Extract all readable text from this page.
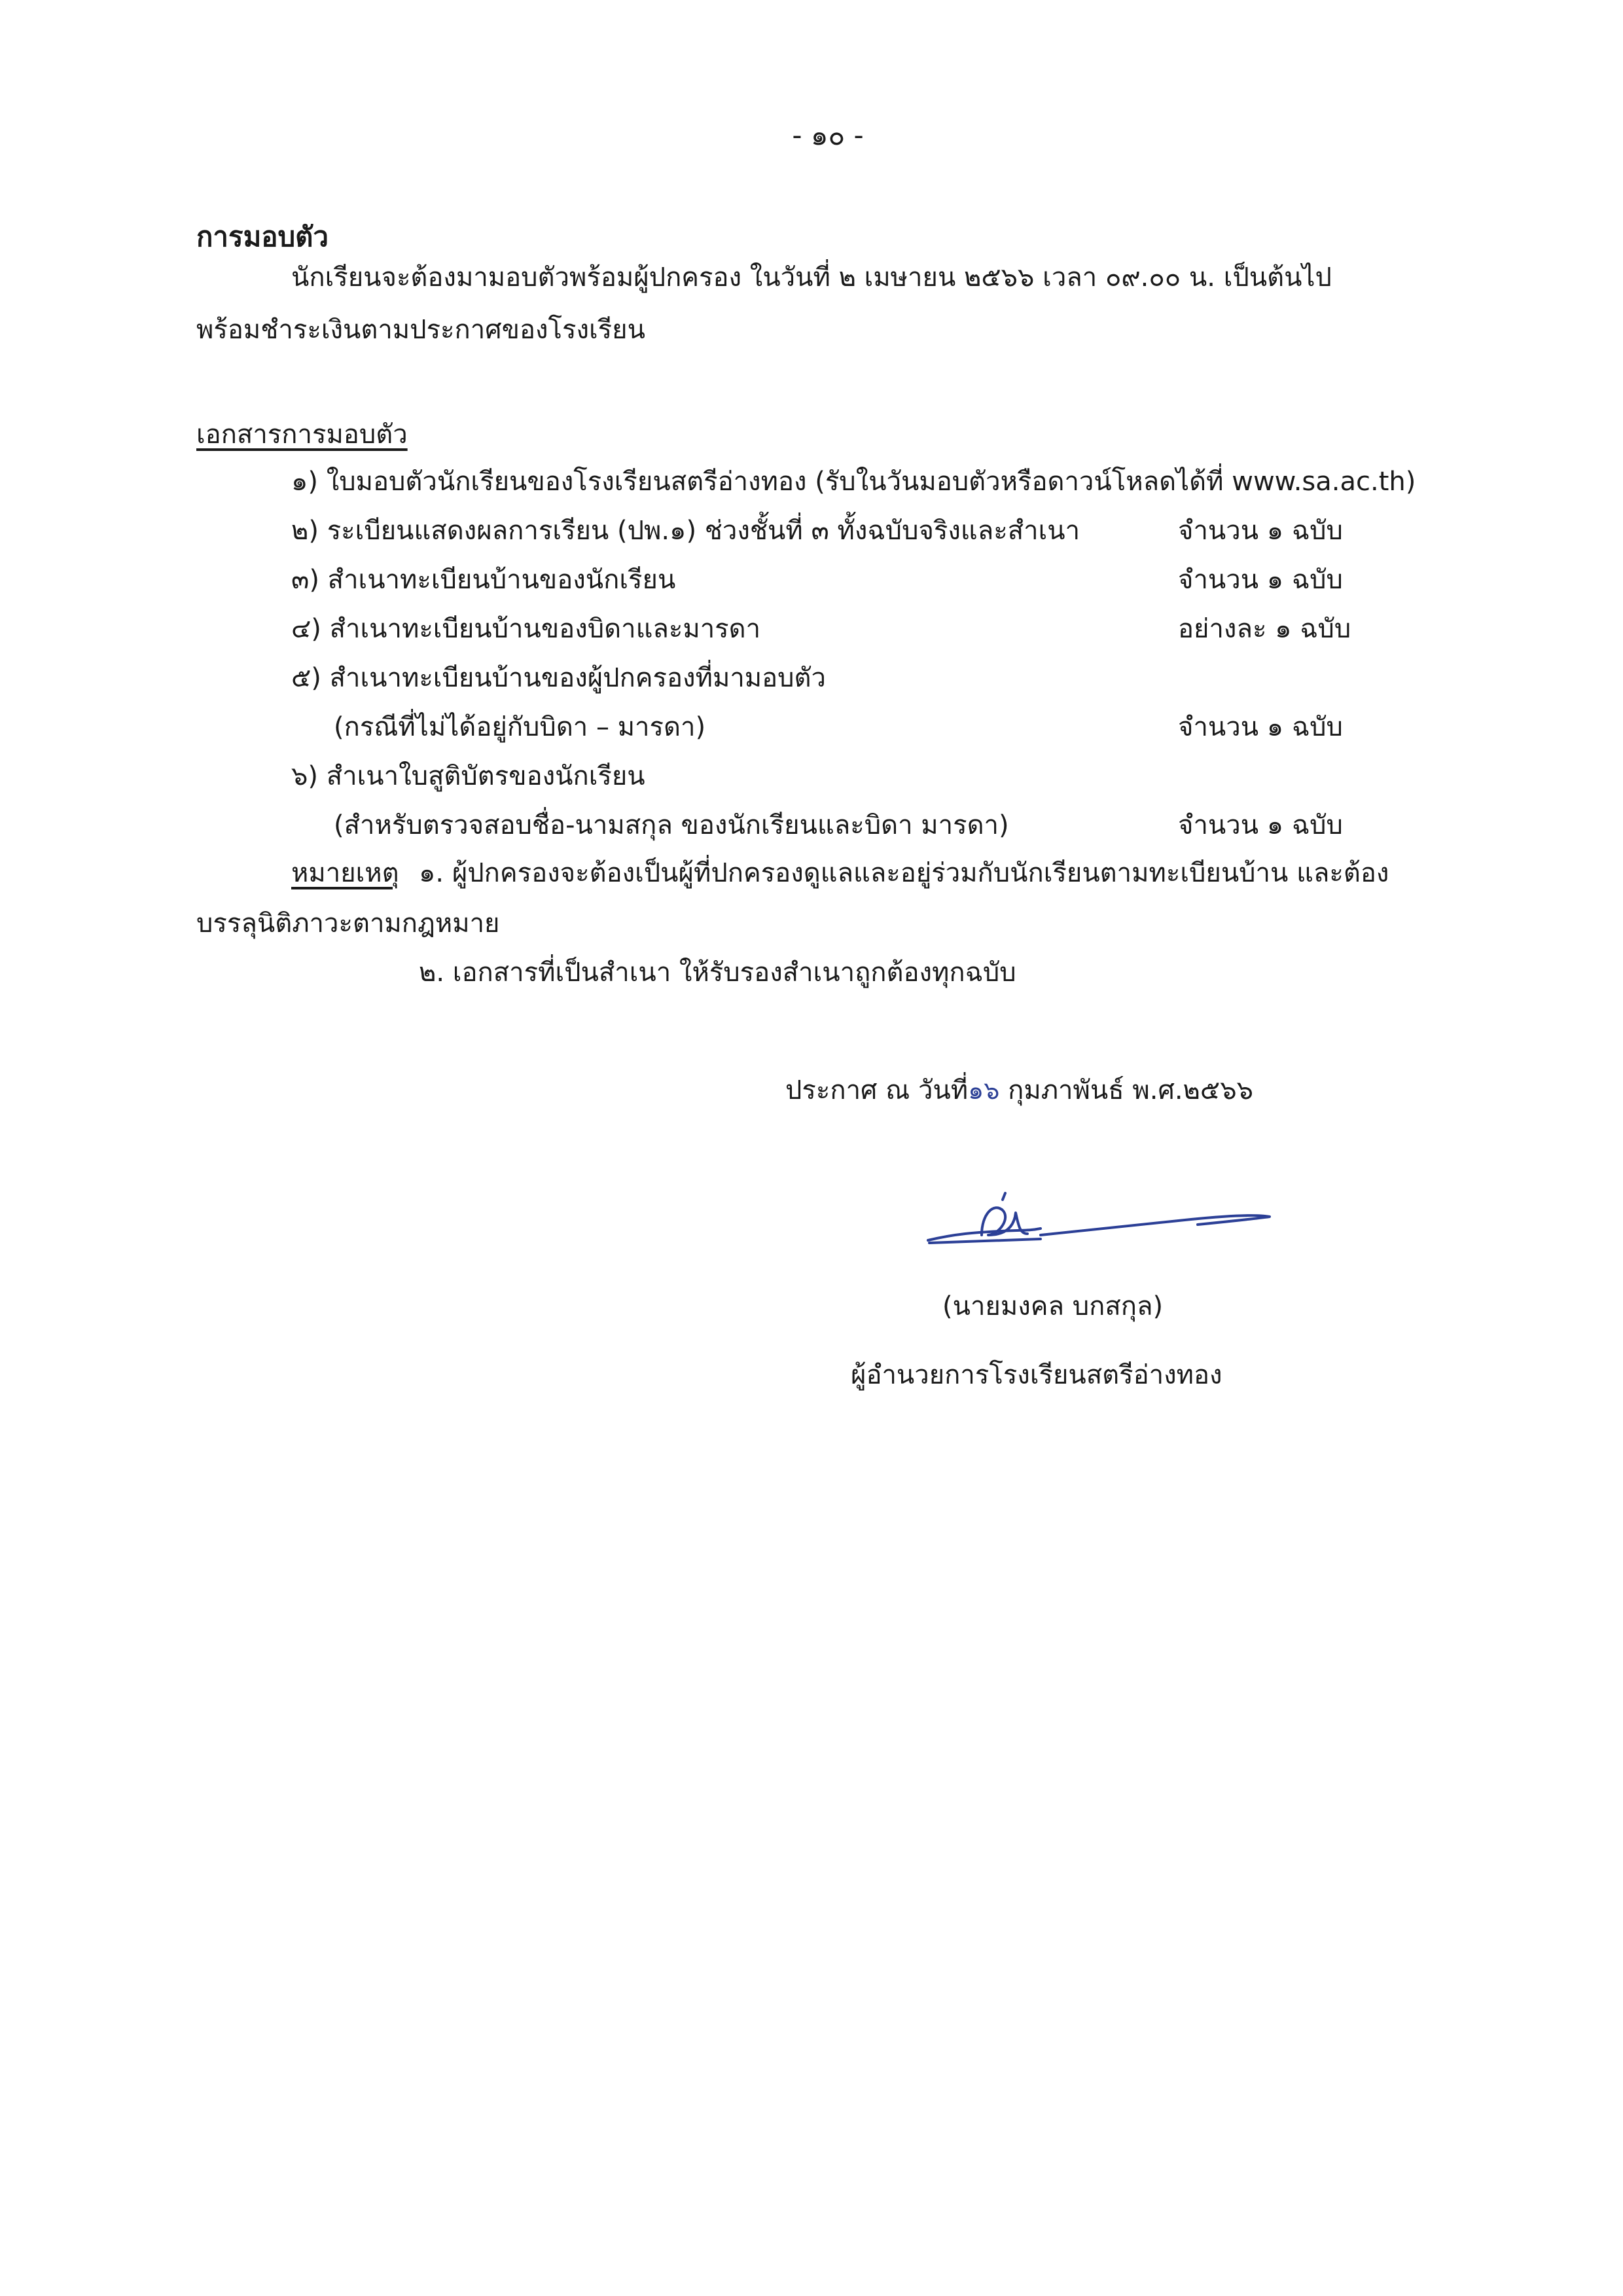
- ๑๐ -
การมอบตัว
นักเรียนจะต้องมามอบตัวพร้อมผู้ปกครอง ในวันที่ ๒ เมษายน ๒๕๖๖ เวลา ๐๙.๐๐ น. เป็นต้นไป
พร้อมชำระเงินตามประกาศของโรงเรียน
เอกสารการมอบตัว
๑) ใบมอบตัวนักเรียนของโรงเรียนสตรีอ่างทอง (รับในวันมอบตัวหรือดาวน์โหลดได้ที่ www.sa.ac.th)
๒) ระเบียนแสดงผลการเรียน (ปพ.๑) ช่วงชั้นที่ ๓ ทั้งฉบับจริงและสำเนา	จำนวน ๑ ฉบับ
๓) สำเนาทะเบียนบ้านของนักเรียน	จำนวน ๑ ฉบับ
๔) สำเนาทะเบียนบ้านของบิดาและมารดา	อย่างละ ๑ ฉบับ
๕) สำเนาทะเบียนบ้านของผู้ปกครองที่มามอบตัว
(กรณีที่ไม่ได้อยู่กับบิดา – มารดา)	จำนวน ๑ ฉบับ
๖) สำเนาใบสูติบัตรของนักเรียน
(สำหรับตรวจสอบชื่อ-นามสกุล ของนักเรียนและบิดา มารดา)	จำนวน ๑ ฉบับ
หมายเหตุ ๑. ผู้ปกครองจะต้องเป็นผู้ที่ปกครองดูแลและอยู่ร่วมกับนักเรียนตามทะเบียนบ้าน และต้อง
บรรลุนิติภาวะตามกฎหมาย
๒. เอกสารที่เป็นสำเนา ให้รับรองสำเนาถูกต้องทุกฉบับ
ประกาศ ณ วันที่๑๖ กุมภาพันธ์ พ.ศ.๒๕๖๖
(นายมงคล บกสกุล)
ผู้อำนวยการโรงเรียนสตรีอ่างทอง
